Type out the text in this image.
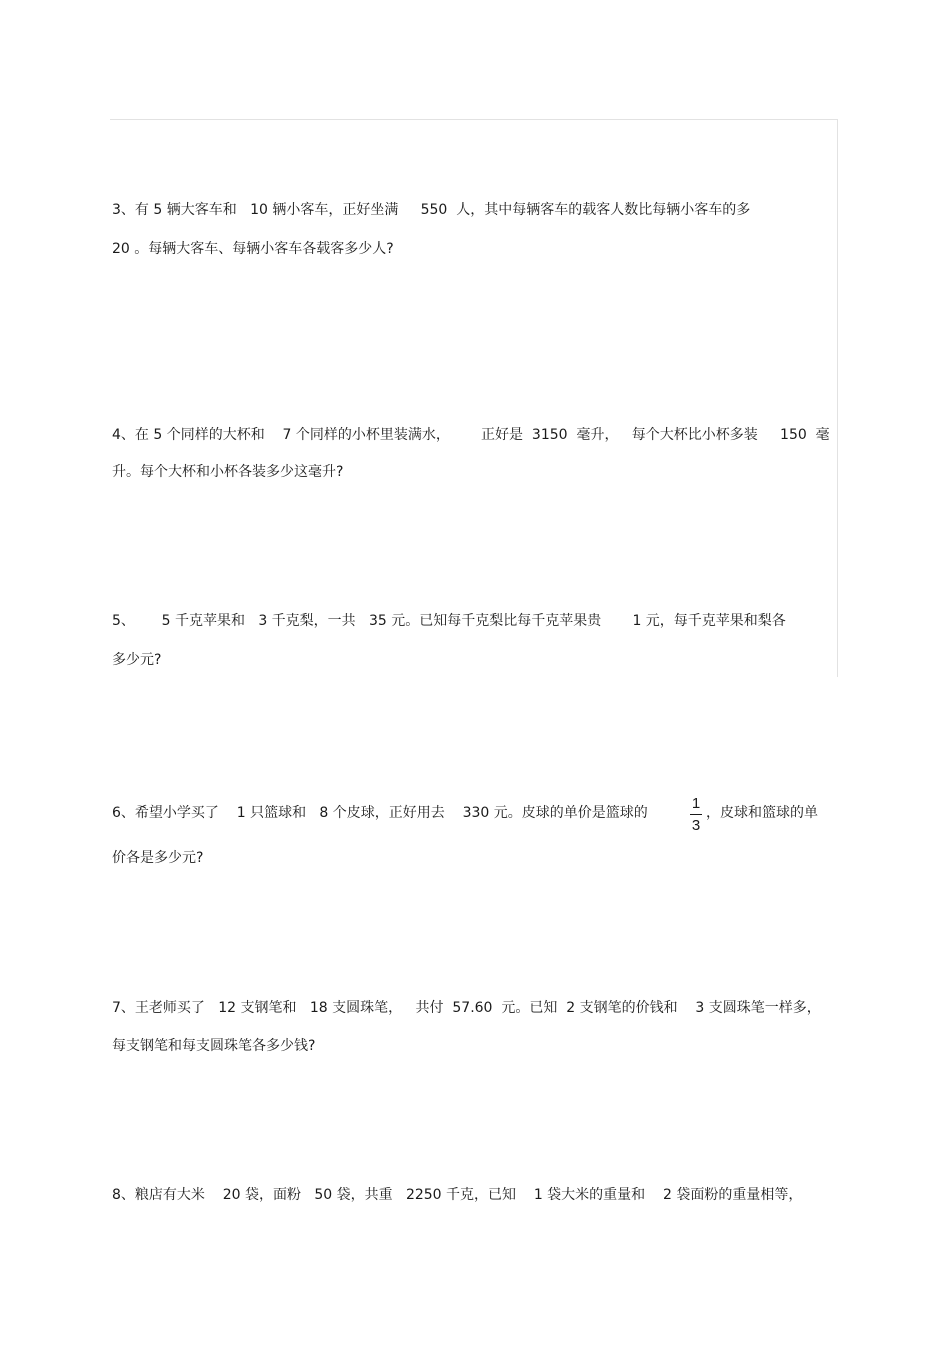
3、有 5 辆大客车和   10 辆小客车，正好坐满     550  人，其中每辆客车的载客人数比每辆小客车的多
20 。每辆大客车、每辆小客车各载客多少人?
4、在 5 个同样的大杯和    7 个同样的小杯里装满水，       正好是  3150  毫升，   每个大杯比小杯多装     150  毫
升。每个大杯和小杯各装多少这毫升?
5、      5 千克苹果和   3 千克梨，一共   35 元。已知每千克梨比每千克苹果贵       1 元，每千克苹果和梨各
多少元?
6、希望小学买了    1 只篮球和   8 个皮球，正好用去    330 元。皮球的单价是篮球的
1
3
，皮球和篮球的单
价各是多少元?
7、王老师买了   12 支钢笔和   18 支圆珠笔，   共付  57.60  元。已知  2 支钢笔的价钱和    3 支圆珠笔一样多，
每支钢笔和每支圆珠笔各多少钱?
8、粮店有大米    20 袋，面粉   50 袋，共重   2250 千克，已知    1 袋大米的重量和    2 袋面粉的重量相等，
